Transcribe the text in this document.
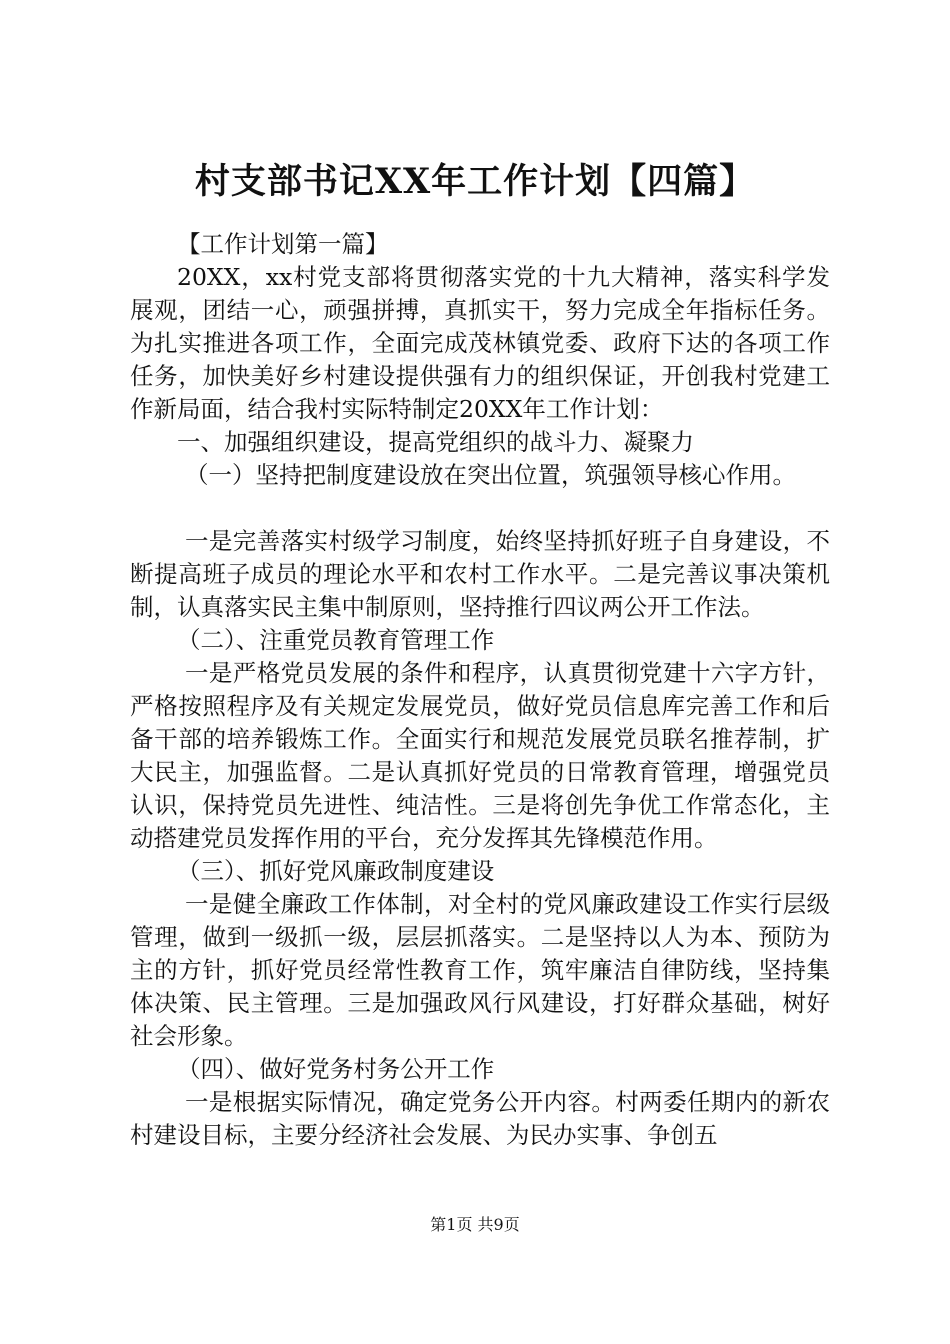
村支部书记XX年工作计划【四篇】

【工作计划第一篇】

20XX，xx村党支部将贯彻落实党的十九大精神，落实科学发展观，团结一心，顽强拼搏，真抓实干，努力完成全年指标任务。为扎实推进各项工作，全面完成茂林镇党委、政府下达的各项工作任务，加快美好乡村建设提供强有力的组织保证，开创我村党建工作新局面，结合我村实际特制定20XX年工作计划：

一、加强组织建设，提高党组织的战斗力、凝聚力

（一）坚持把制度建设放在突出位置，筑强领导核心作用。

一是完善落实村级学习制度，始终坚持抓好班子自身建设，不断提高班子成员的理论水平和农村工作水平。二是完善议事决策机制，认真落实民主集中制原则，坚持推行四议两公开工作法。

（二）、注重党员教育管理工作

一是严格党员发展的条件和程序，认真贯彻党建十六字方针，严格按照程序及有关规定发展党员，做好党员信息库完善工作和后备干部的培养锻炼工作。全面实行和规范发展党员联名推荐制，扩大民主，加强监督。二是认真抓好党员的日常教育管理，增强党员认识，保持党员先进性、纯洁性。三是将创先争优工作常态化，主动搭建党员发挥作用的平台，充分发挥其先锋模范作用。

（三）、抓好党风廉政制度建设

一是健全廉政工作体制，对全村的党风廉政建设工作实行层级管理，做到一级抓一级，层层抓落实。二是坚持以人为本、预防为主的方针，抓好党员经常性教育工作，筑牢廉洁自律防线，坚持集体决策、民主管理。三是加强政风行风建设，打好群众基础，树好社会形象。

（四）、做好党务村务公开工作

一是根据实际情况，确定党务公开内容。村两委任期内的新农村建设目标，主要分经济社会发展、为民办实事、争创五

第1页 共9页
